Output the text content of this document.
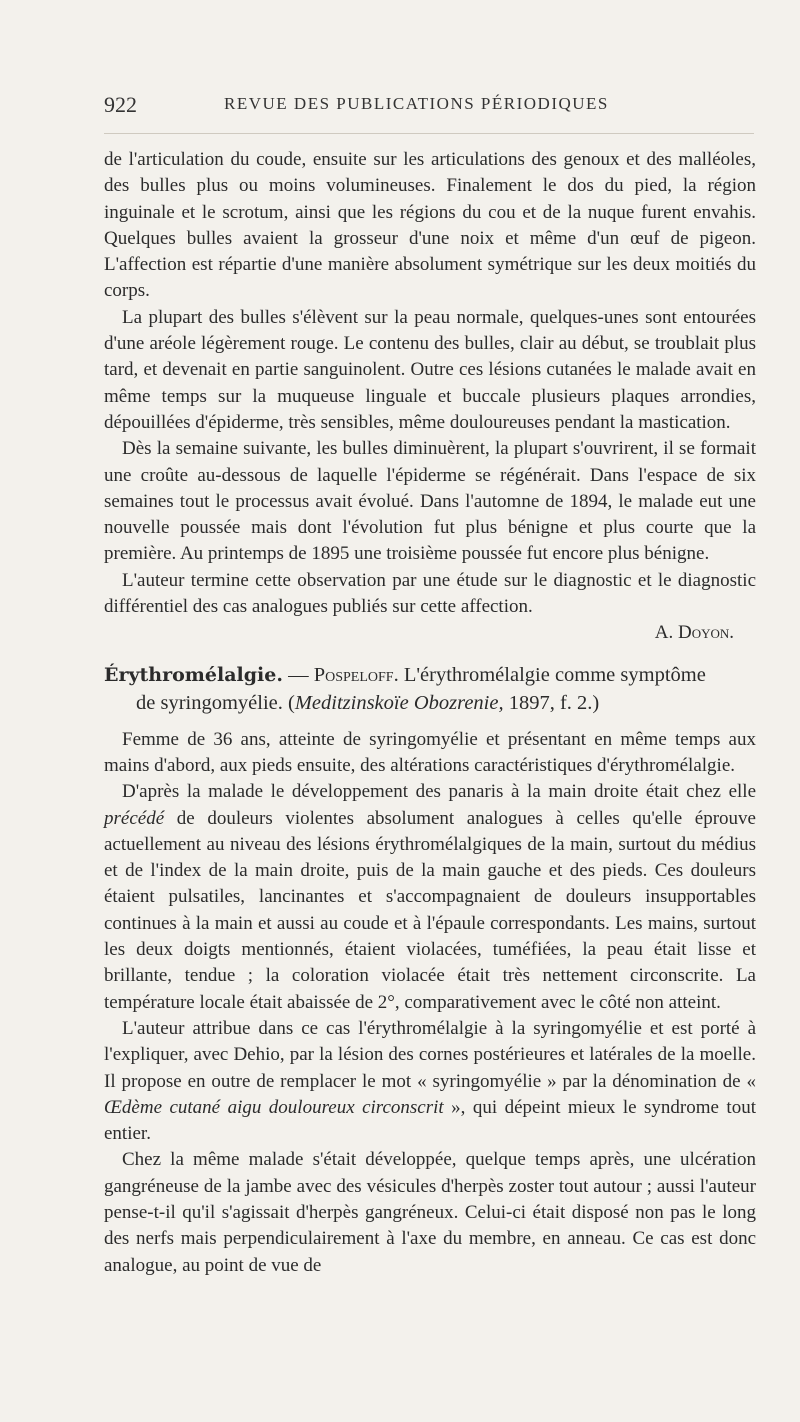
922	REVUE DES PUBLICATIONS PÉRIODIQUES

de l'articulation du coude, ensuite sur les articulations des genoux et des malléoles, des bulles plus ou moins volumineuses. Finalement le dos du pied, la région inguinale et le scrotum, ainsi que les régions du cou et de la nuque furent envahis. Quelques bulles avaient la grosseur d'une noix et même d'un œuf de pigeon. L'affection est répartie d'une manière absolument symétrique sur les deux moitiés du corps.

La plupart des bulles s'élèvent sur la peau normale, quelques-unes sont entourées d'une aréole légèrement rouge. Le contenu des bulles, clair au début, se troublait plus tard, et devenait en partie sanguinolent. Outre ces lésions cutanées le malade avait en même temps sur la muqueuse linguale et buccale plusieurs plaques arrondies, dépouillées d'épiderme, très sensibles, même douloureuses pendant la mastication.

Dès la semaine suivante, les bulles diminuèrent, la plupart s'ouvrirent, il se formait une croûte au-dessous de laquelle l'épiderme se régénérait. Dans l'espace de six semaines tout le processus avait évolué. Dans l'automne de 1894, le malade eut une nouvelle poussée mais dont l'évolution fut plus bénigne et plus courte que la première. Au printemps de 1895 une troisième poussée fut encore plus bénigne.

L'auteur termine cette observation par une étude sur le diagnostic et le diagnostic différentiel des cas analogues publiés sur cette affection.

A. Doyon.

Érythromélalgie. — Pospeloff. L'érythromélalgie comme symptôme
de syringomyélie. (Meditzinskoïe Obozrenie, 1897, f. 2.)

Femme de 36 ans, atteinte de syringomyélie et présentant en même temps aux mains d'abord, aux pieds ensuite, des altérations caractéristiques d'érythromélalgie.

D'après la malade le développement des panaris à la main droite était chez elle précédé de douleurs violentes absolument analogues à celles qu'elle éprouve actuellement au niveau des lésions érythromélalgiques de la main, surtout du médius et de l'index de la main droite, puis de la main gauche et des pieds. Ces douleurs étaient pulsatiles, lancinantes et s'accompagnaient de douleurs insupportables continues à la main et aussi au coude et à l'épaule correspondants. Les mains, surtout les deux doigts mentionnés, étaient violacées, tuméfiées, la peau était lisse et brillante, tendue ; la coloration violacée était très nettement circonscrite. La température locale était abaissée de 2°, comparativement avec le côté non atteint.

L'auteur attribue dans ce cas l'érythromélalgie à la syringomyélie et est porté à l'expliquer, avec Dehio, par la lésion des cornes postérieures et latérales de la moelle. Il propose en outre de remplacer le mot « syringomyélie » par la dénomination de « Œdème cutané aigu douloureux circonscrit », qui dépeint mieux le syndrome tout entier.

Chez la même malade s'était développée, quelque temps après, une ulcération gangréneuse de la jambe avec des vésicules d'herpès zoster tout autour ; aussi l'auteur pense-t-il qu'il s'agissait d'herpès gangréneux. Celui-ci était disposé non pas le long des nerfs mais perpendiculairement à l'axe du membre, en anneau. Ce cas est donc analogue, au point de vue de
